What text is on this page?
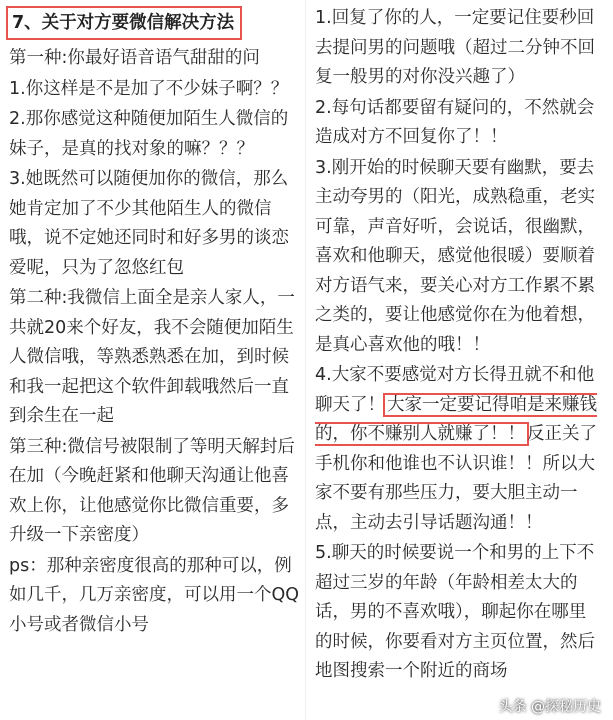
7、关于对方要微信解决方法

第一种:你最好语音语气甜甜的问

1.你这样是不是加了不少妹子啊？？

2.那你感觉这种随便加陌生人微信的妹子，是真的找对象的嘛？？？

3.她既然可以随便加你的微信，那么她肯定加了不少其他陌生人的微信哦，说不定她还同时和好多男的谈恋爱呢，只为了忽悠红包

第二种:我微信上面全是亲人家人，一共就20来个好友，我不会随便加陌生人微信哦，等熟悉熟悉在加，到时候和我一起把这个软件卸载哦然后一直到余生在一起

第三种:微信号被限制了等明天解封后在加（今晚赶紧和他聊天沟通让他喜欢上你，让他感觉你比微信重要，多升级一下亲密度）

ps：那种亲密度很高的那种可以，例如几千，几万亲密度，可以用一个QQ小号或者微信小号

1.回复了你的人，一定要记住要秒回去提问男的问题哦（超过二分钟不回复一般男的对你没兴趣了）

2.每句话都要留有疑问的，不然就会造成对方不回复你了！！

3.刚开始的时候聊天要有幽默，要去主动夸男的（阳光，成熟稳重，老实可靠，声音好听，会说话，很幽默，喜欢和他聊天，感觉他很暖）要顺着对方语气来，要关心对方工作累不累之类的，要让他感觉你在为他着想，是真心喜欢他的哦！！

4.大家不要感觉对方长得丑就不和他聊天了！ 大家一定要记得咱是来赚钱的，你不赚别人就赚了！！ 反正关了手机你和他谁也不认识谁！！所以大家不要有那些压力，要大胆主动一点，主动去引导话题沟通！！

5.聊天的时候要说一个和男的上下不超过三岁的年龄（年龄相差太大的话，男的不喜欢哦），聊起你在哪里的时候，你要看对方主页位置，然后地图搜索一个附近的商场

头条 @探秘历史
